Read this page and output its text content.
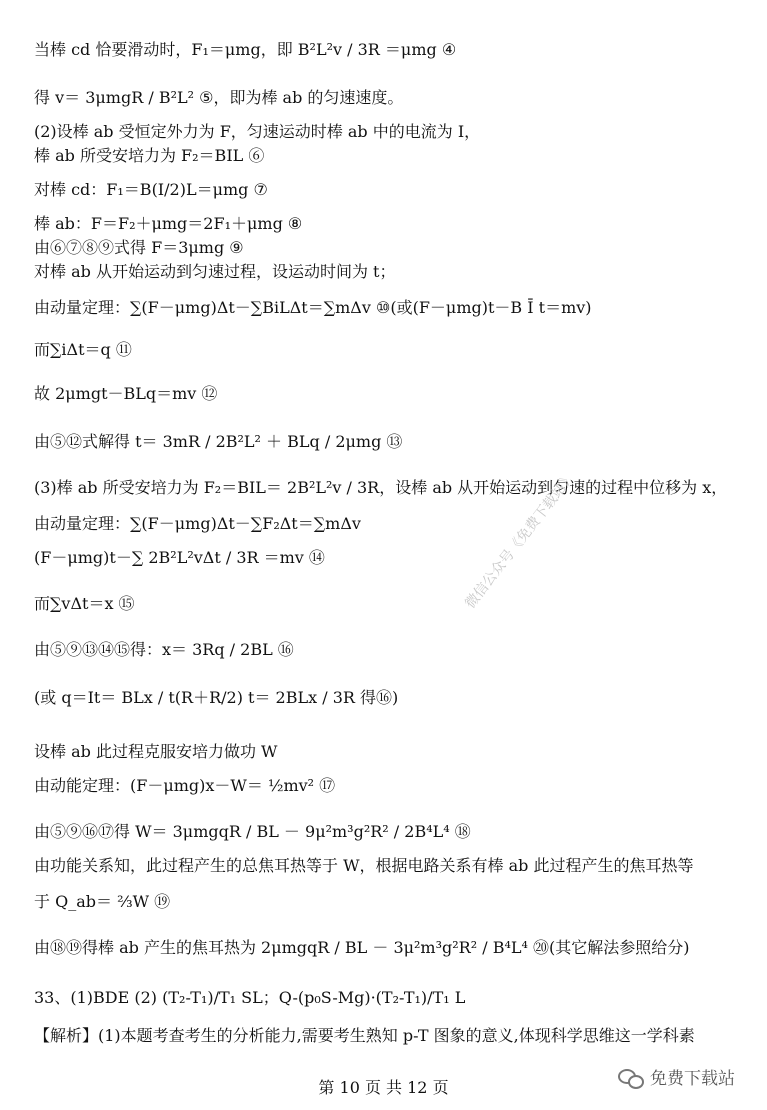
当棒 cd 恰要滑动时，F₁＝μmg，即 B²L²v / 3R ＝μmg ④
得 v＝ 3μmgR / B²L² ⑤，即为棒 ab 的匀速速度。
(2)设棒 ab 受恒定外力为 F，匀速运动时棒 ab 中的电流为 I，
棒 ab 所受安培力为 F₂＝BIL ⑥
对棒 cd：F₁＝B(I/2)L＝μmg ⑦
棒 ab：F＝F₂＋μmg＝2F₁＋μmg ⑧
由⑥⑦⑧⑨式得 F＝3μmg ⑨
对棒 ab 从开始运动到匀速过程，设运动时间为 t；
由动量定理：∑(F－μmg)Δt－∑BiLΔt＝∑mΔv ⑩(或(F－μmg)t－B Ī t＝mv)
而∑iΔt＝q ⑪
故 2μmgt－BLq＝mv ⑫
由⑤⑫式解得 t＝ 3mR / 2B²L² ＋ BLq / 2μmg ⑬
(3)棒 ab 所受安培力为 F₂＝BIL＝ 2B²L²v / 3R，设棒 ab 从开始运动到匀速的过程中位移为 x，
由动量定理：∑(F－μmg)Δt－∑F₂Δt＝∑mΔv
(F－μmg)t－∑ 2B²L²vΔt / 3R ＝mv ⑭
而∑vΔt＝x ⑮
由⑤⑨⑬⑭⑮得：x＝ 3Rq / 2BL ⑯
(或 q＝It＝ BLx / t(R＋R/2) t＝ 2BLx / 3R 得⑯)
设棒 ab 此过程克服安培力做功 W
由动能定理：(F－μmg)x－W＝ ½mv² ⑰
由⑤⑨⑯⑰得 W＝ 3μmgqR / BL － 9μ²m³g²R² / 2B⁴L⁴ ⑱
由功能关系知，此过程产生的总焦耳热等于 W，根据电路关系有棒 ab 此过程产生的焦耳热等
于 Q_ab＝ ⅔W ⑲
由⑱⑲得棒 ab 产生的焦耳热为 2μmgqR / BL － 3μ²m³g²R² / B⁴L⁴ ⑳(其它解法参照给分)
33、(1)BDE (2) (T₂-T₁)/T₁ SL；Q-(p₀S-Mg)·(T₂-T₁)/T₁ L
【解析】(1)本题考查考生的分析能力,需要考生熟知 p-T 图象的意义,体现科学思维这一学科素
微信公众号《免费下载站》
第 10 页 共 12 页	免费下载站
